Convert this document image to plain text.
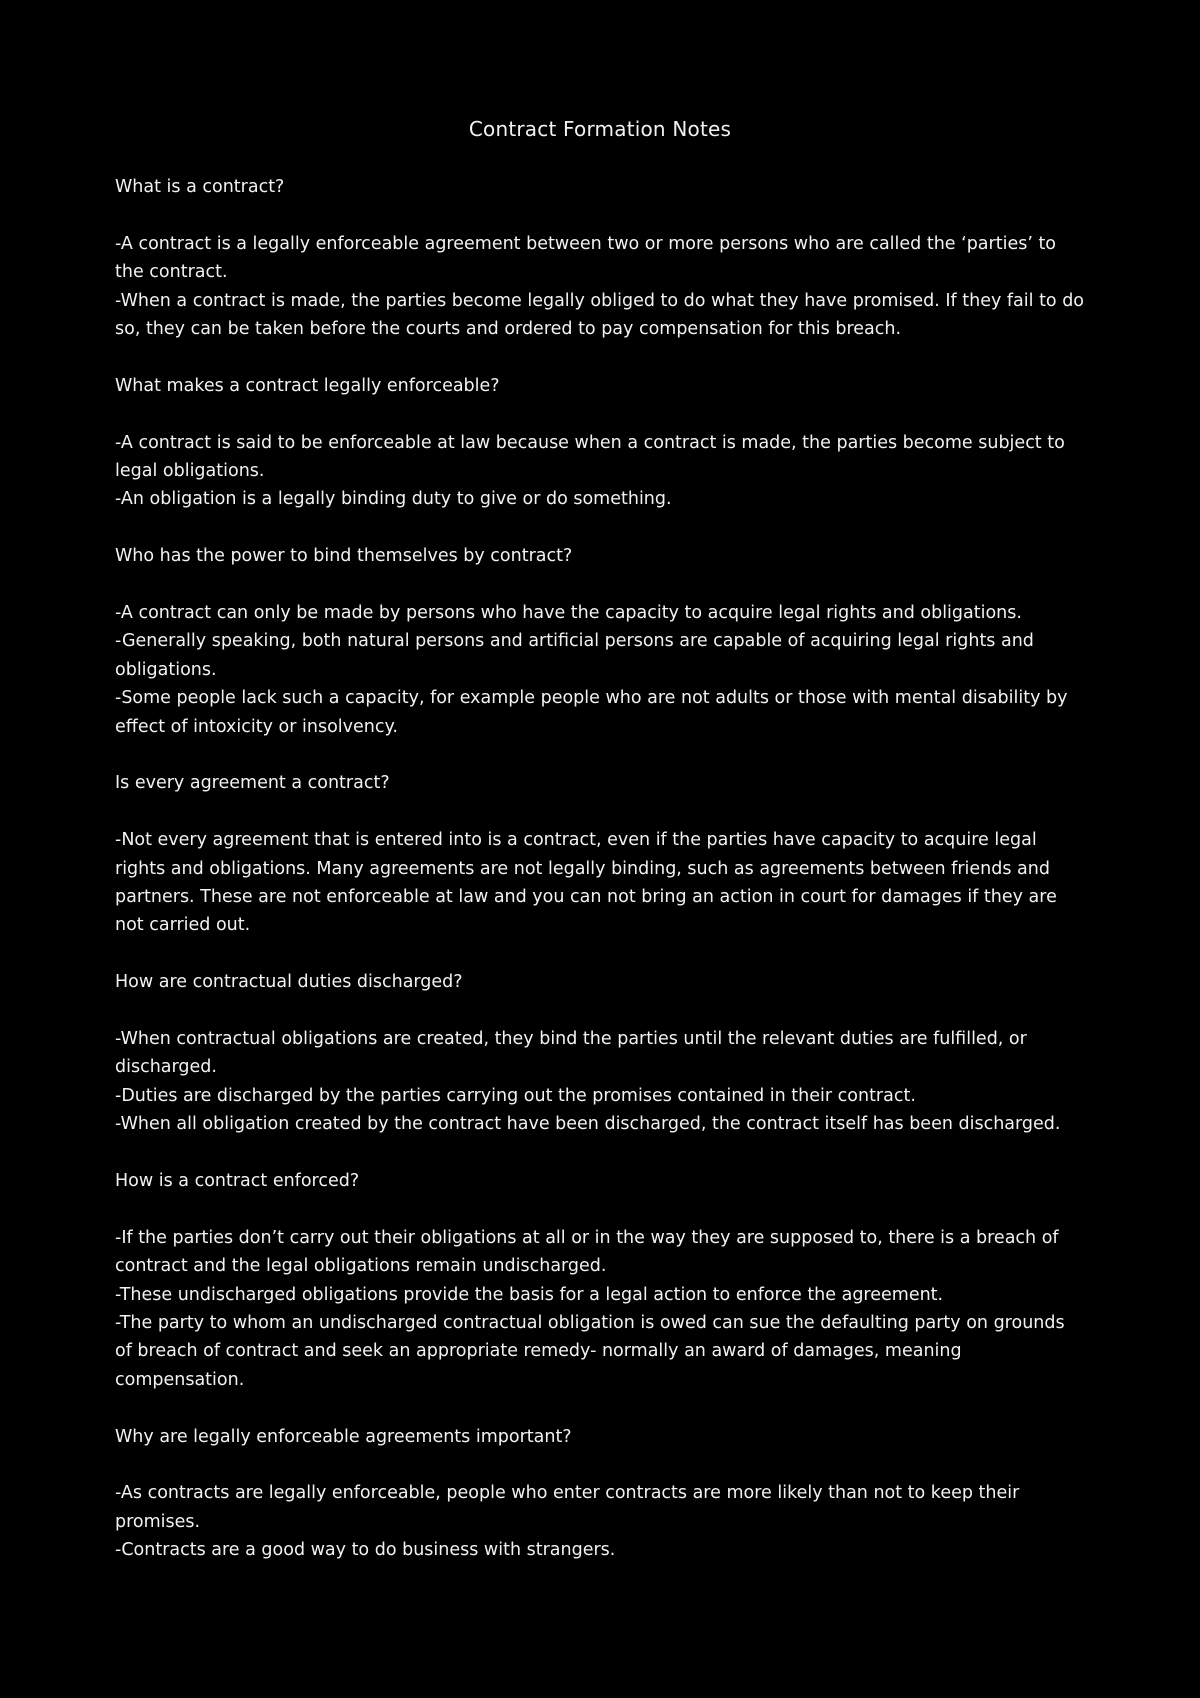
Contract Formation Notes
What is a contract?

-A contract is a legally enforceable agreement between two or more persons who are called the ‘parties’ to the contract.

-When a contract is made, the parties become legally obliged to do what they have promised. If they fail to do so, they can be taken before the courts and ordered to pay compensation for this breach.

What makes a contract legally enforceable?

-A contract is said to be enforceable at law because when a contract is made, the parties become subject to legal obligations.

-An obligation is a legally binding duty to give or do something.

Who has the power to bind themselves by contract?

-A contract can only be made by persons who have the capacity to acquire legal rights and obligations.

-Generally speaking, both natural persons and artificial persons are capable of acquiring legal rights and obligations.

-Some people lack such a capacity, for example people who are not adults or those with mental disability by effect of intoxicity or insolvency.

Is every agreement a contract?

-Not every agreement that is entered into is a contract, even if the parties have capacity to acquire legal rights and obligations. Many agreements are not legally binding, such as agreements between friends and partners. These are not enforceable at law and you can not bring an action in court for damages if they are not carried out.

How are contractual duties discharged?

-When contractual obligations are created, they bind the parties until the relevant duties are fulfilled, or discharged.

-Duties are discharged by the parties carrying out the promises contained in their contract.

-When all obligation created by the contract have been discharged, the contract itself has been discharged.

How is a contract enforced?

-If the parties don’t carry out their obligations at all or in the way they are supposed to, there is a breach of contract and the legal obligations remain undischarged.

-These undischarged obligations provide the basis for a legal action to enforce the agreement.

-The party to whom an undischarged contractual obligation is owed can sue the defaulting party on grounds of breach of contract and seek an appropriate remedy- normally an award of damages, meaning compensation.

Why are legally enforceable agreements important?

-As contracts are legally enforceable, people who enter contracts are more likely than not to keep their promises.

-Contracts are a good way to do business with strangers.
